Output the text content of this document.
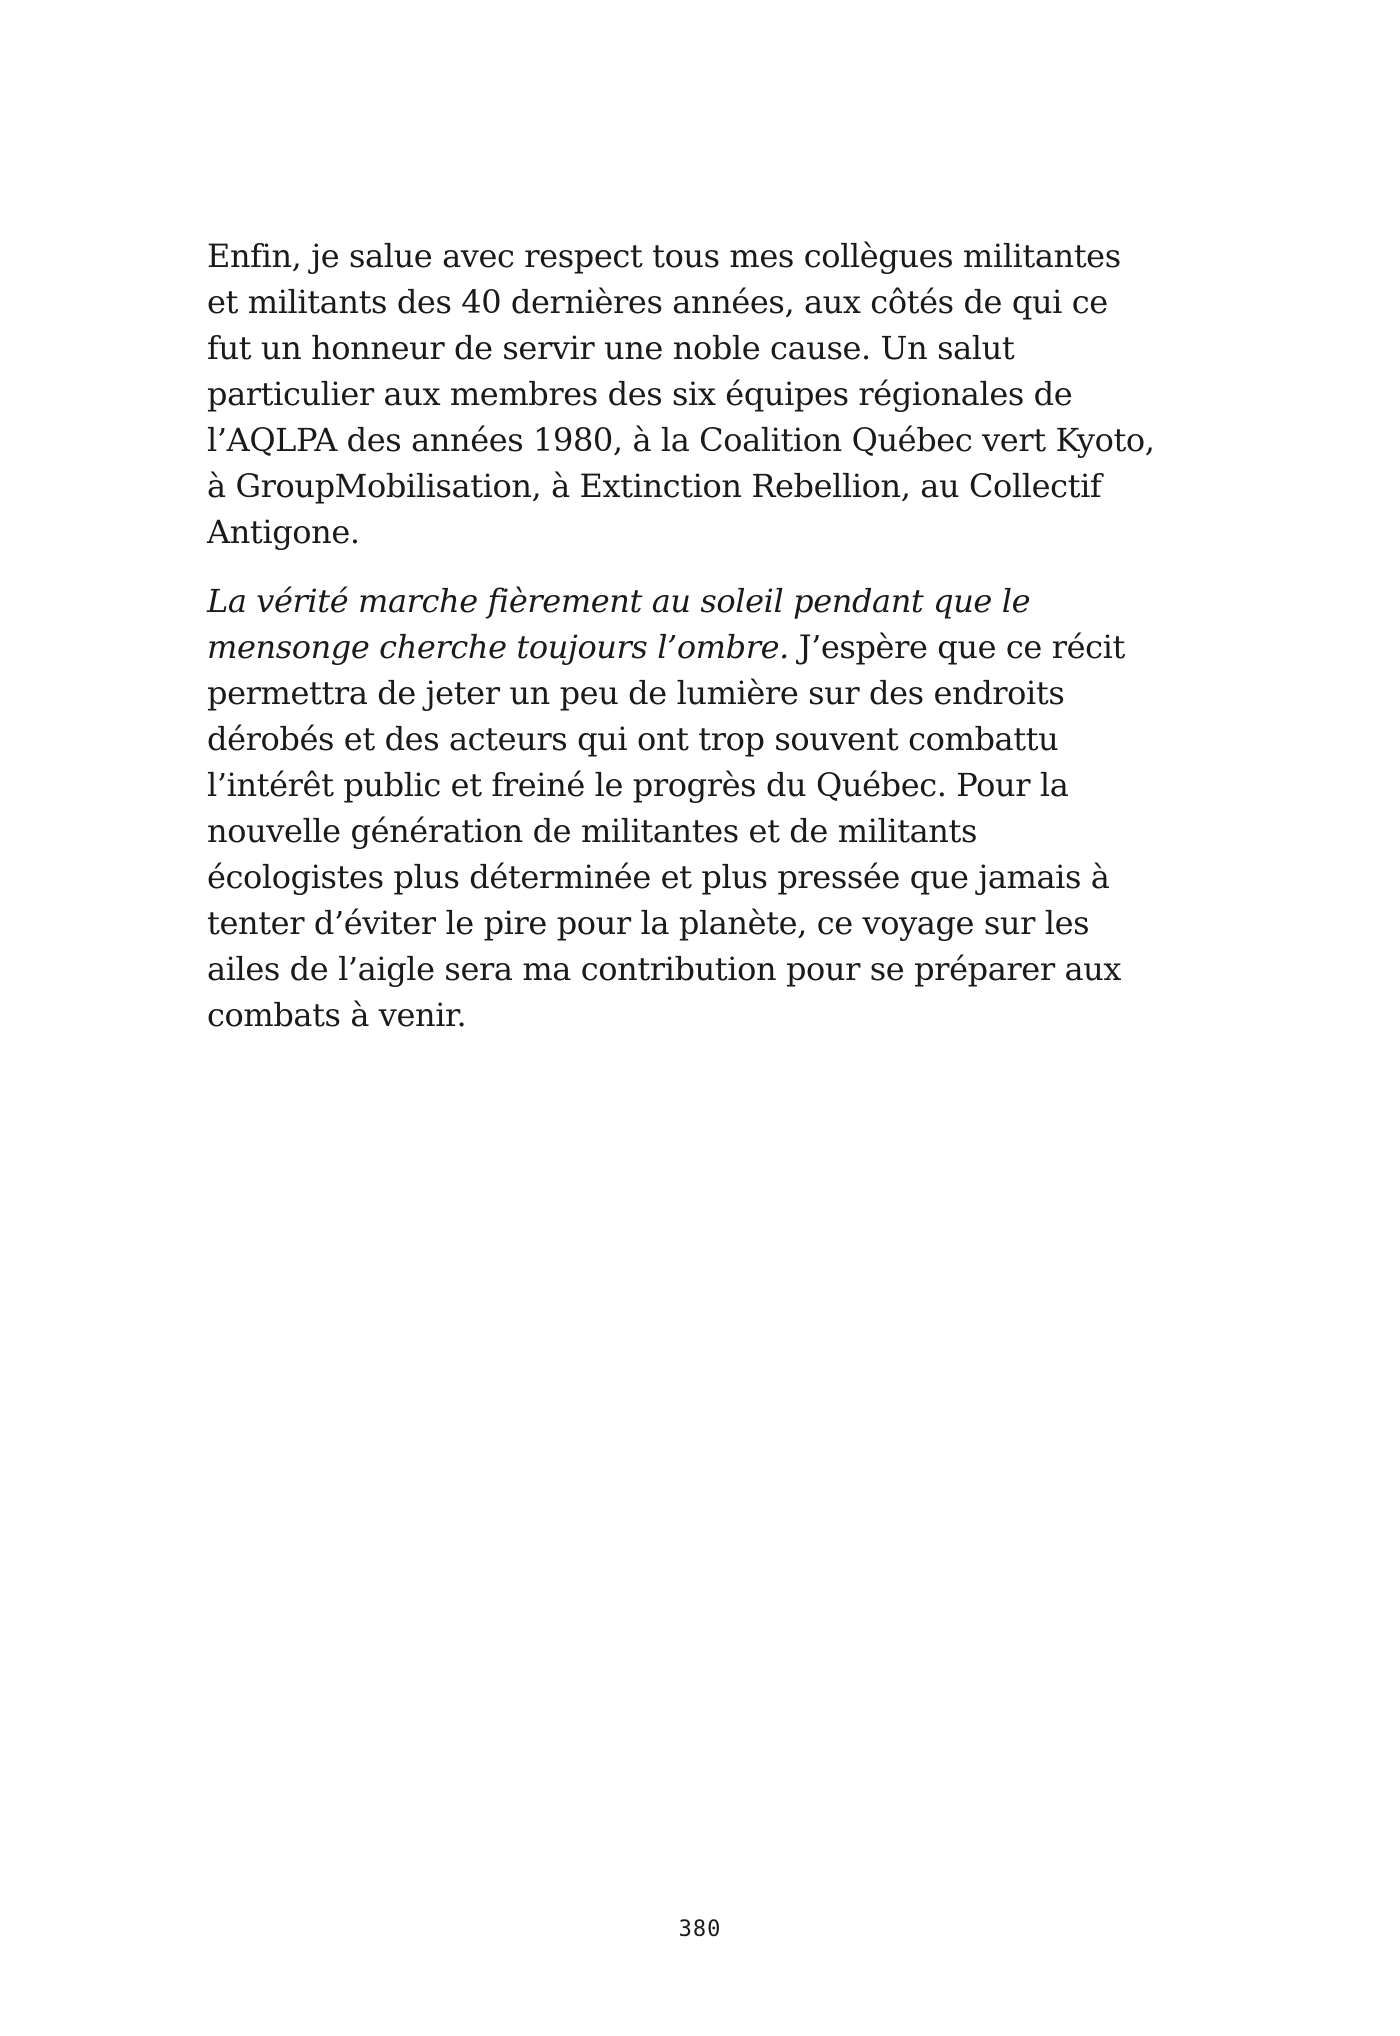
Enfin, je salue avec respect tous mes collègues militantes et militants des 40 dernières années, aux côtés de qui ce fut un honneur de servir une noble cause. Un salut particulier aux membres des six équipes régionales de l’AQLPA des années 1980, à la Coalition Québec vert Kyoto, à GroupMobilisation, à Extinction Rebellion, au Collectif Antigone.

La vérité marche fièrement au soleil pendant que le mensonge cherche toujours l’ombre. J’espère que ce récit permettra de jeter un peu de lumière sur des endroits dérobés et des acteurs qui ont trop souvent combattu l’intérêt public et freiné le progrès du Québec. Pour la nouvelle génération de militantes et de militants écologistes plus déterminée et plus pressée que jamais à tenter d’éviter le pire pour la planète, ce voyage sur les ailes de l’aigle sera ma contribution pour se préparer aux combats à venir.

380
